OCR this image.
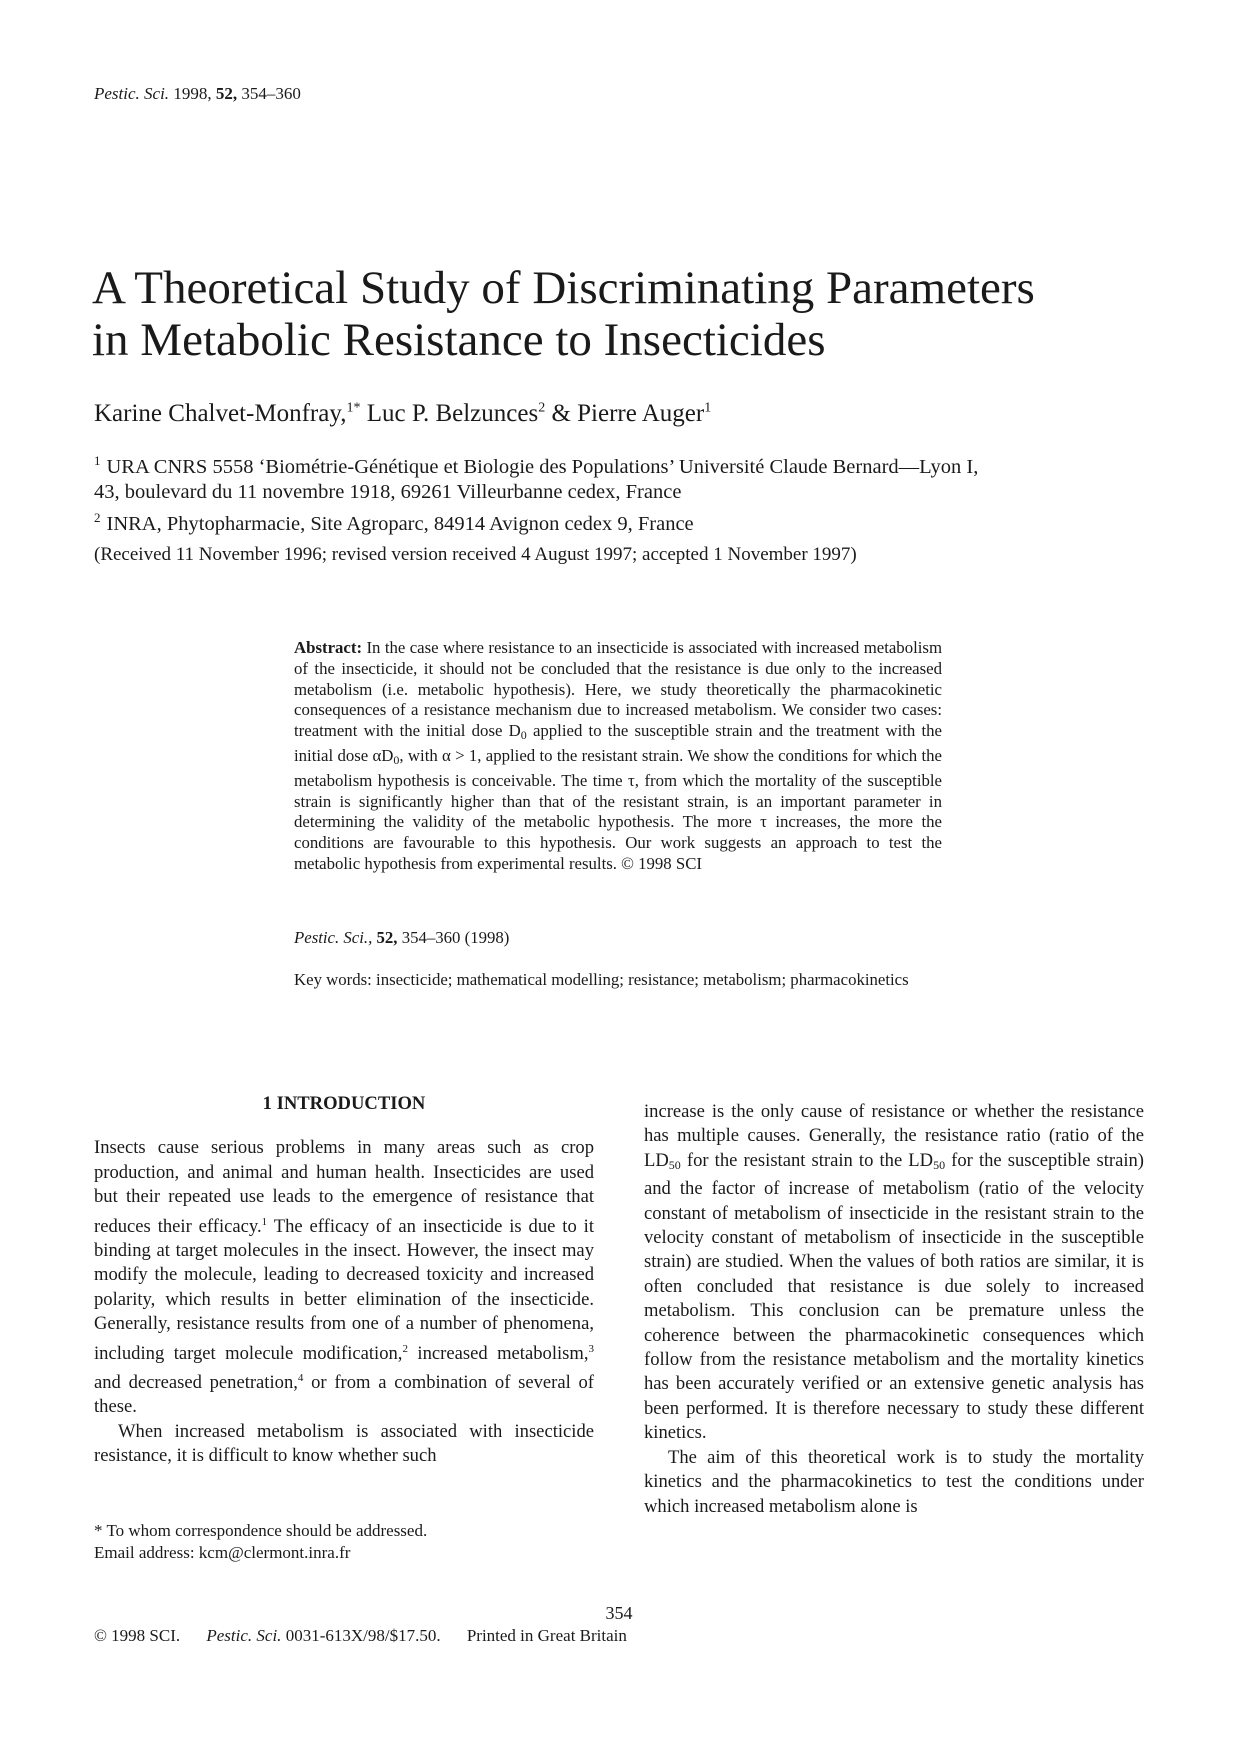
Pestic. Sci. 1998, 52, 354–360
A Theoretical Study of Discriminating Parameters
in Metabolic Resistance to Insecticides
Karine Chalvet-Monfray,$^{1*}$ Luc P. Belzunces$^2$ & Pierre Auger$^1$
$^1$ URA CNRS 5558 ‘Biométrie-Génétique et Biologie des Populations’ Université Claude Bernard—Lyon I,
43, boulevard du 11 novembre 1918, 69261 Villeurbanne cedex, France
$^2$ INRA, Phytopharmacie, Site Agroparc, 84914 Avignon cedex 9, France
(Received 11 November 1996; revised version received 4 August 1997; accepted 1 November 1997)
Abstract: In the case where resistance to an insecticide is associated with increased metabolism of the insecticide, it should not be concluded that the resistance is due only to the increased metabolism (i.e. metabolic hypothesis). Here, we study theoretically the pharmacokinetic consequences of a resistance mechanism due to increased metabolism. We consider two cases: treatment with the initial dose $D_0$ applied to the susceptible strain and the treatment with the initial dose $\alpha D_0$, with α > 1, applied to the resistant strain. We show the conditions for which the metabolism hypothesis is conceivable. The time τ, from which the mortality of the susceptible strain is significantly higher than that of the resistant strain, is an important parameter in determining the validity of the metabolic hypothesis. The more τ increases, the more the conditions are favourable to this hypothesis. Our work suggests an approach to test the metabolic hypothesis from experimental results. © 1998 SCI
Pestic. Sci., 52, 354–360 (1998)
Key words: insecticide; mathematical modelling; resistance; metabolism; pharmacokinetics
1 INTRODUCTION

Insects cause serious problems in many areas such as crop production, and animal and human health. Insecticides are used but their repeated use leads to the emergence of resistance that reduces their efficacy.$^1$ The efficacy of an insecticide is due to it binding at target molecules in the insect. However, the insect may modify the molecule, leading to decreased toxicity and increased polarity, which results in better elimination of the insecticide. Generally, resistance results from one of a number of phenomena, including target molecule modification,$^2$ increased metabolism,$^3$ and decreased penetration,$^4$ or from a combination of several of these.

When increased metabolism is associated with insecticide resistance, it is difficult to know whether such

increase is the only cause of resistance or whether the resistance has multiple causes. Generally, the resistance ratio (ratio of the $LD_{50}$ for the resistant strain to the $LD_{50}$ for the susceptible strain) and the factor of increase of metabolism (ratio of the velocity constant of metabolism of insecticide in the resistant strain to the velocity constant of metabolism of insecticide in the susceptible strain) are studied. When the values of both ratios are similar, it is often concluded that resistance is due solely to increased metabolism. This conclusion can be premature unless the coherence between the pharmacokinetic consequences which follow from the resistance metabolism and the mortality kinetics has been accurately verified or an extensive genetic analysis has been performed. It is therefore necessary to study these different kinetics.

The aim of this theoretical work is to study the mortality kinetics and the pharmacokinetics to test the conditions under which increased metabolism alone is

* To whom correspondence should be addressed.
Email address: kcm@clermont.inra.fr
354
© 1998 SCI. Pestic. Sci. 0031-613X/98/$17.50. Printed in Great Britain
